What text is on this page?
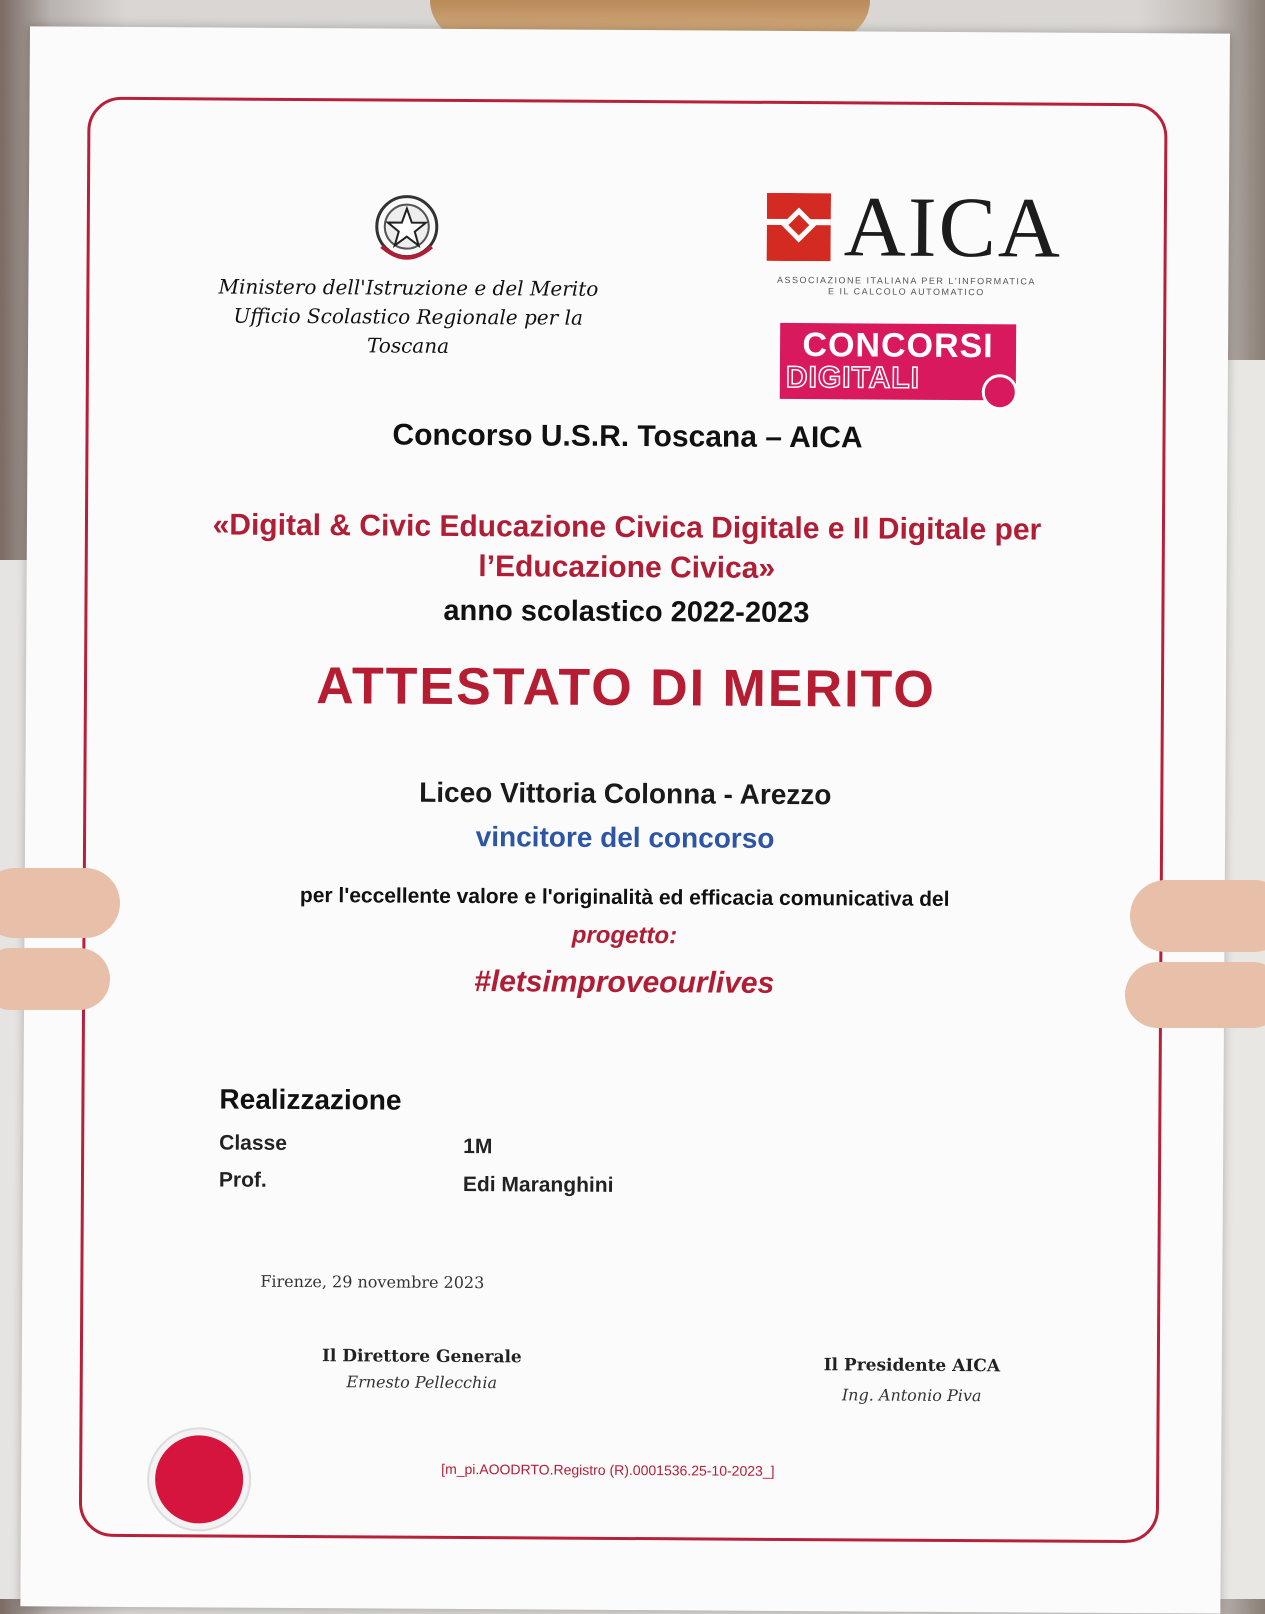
Ministero dell'Istruzione e del Merito
Ufficio Scolastico Regionale per la Toscana
AICA
ASSOCIAZIONE ITALIANA PER L'INFORMATICA
E IL CALCOLO AUTOMATICO
CONCORSI
DIGITALI
Concorso U.S.R. Toscana – AICA
«Digital & Civic Educazione Civica Digitale e Il Digitale per l’Educazione Civica»
anno scolastico 2022-2023
ATTESTATO DI MERITO
Liceo Vittoria Colonna - Arezzo
vincitore del concorso
per l'eccellente valore e l'originalità ed efficacia comunicativa del
progetto:
#letsimproveourlives
Realizzazione
Classe	1M
Prof.	Edi Maranghini
Firenze, 29 novembre 2023
Il Direttore Generale
Ernesto Pellecchia
Il Presidente AICA
Ing. Antonio Piva
[m_pi.AOODRTO.Registro (R).0001536.25-10-2023_]
